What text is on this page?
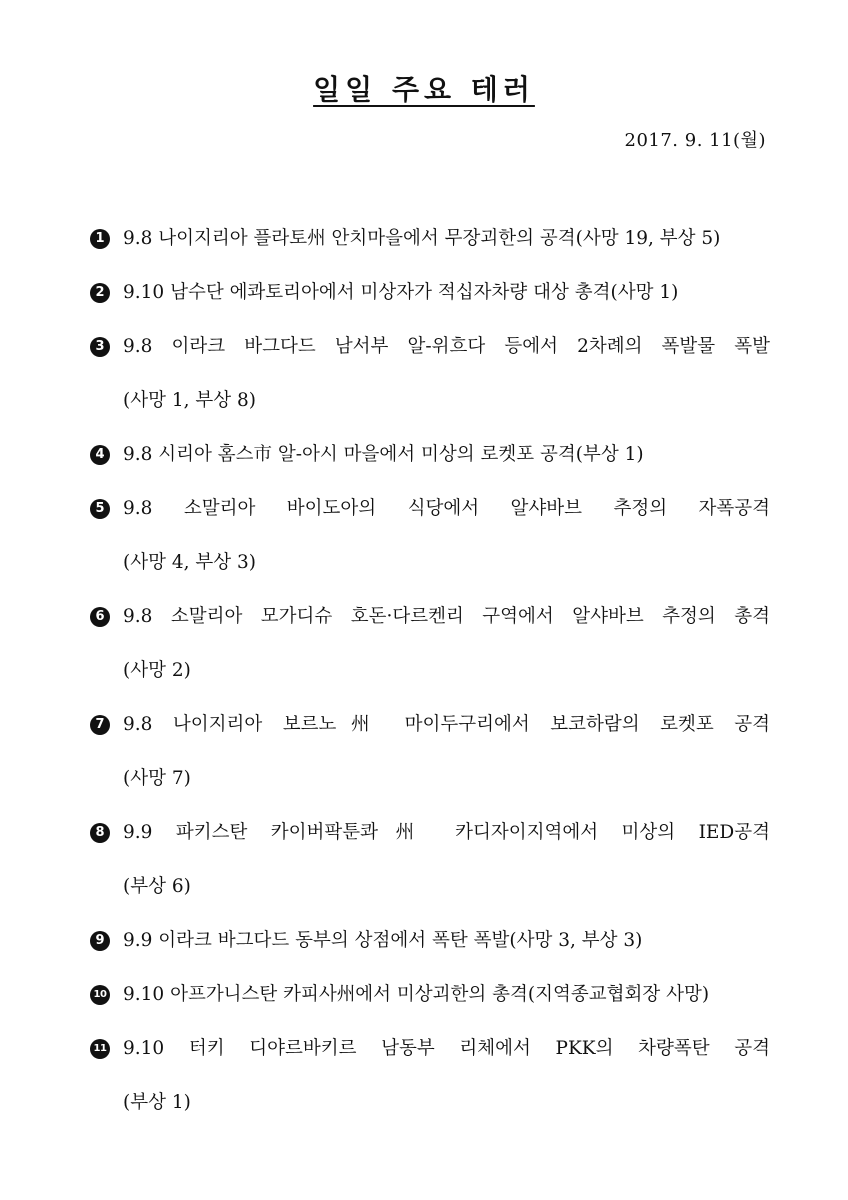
일일 주요 테러
2017. 9. 11(월)
1 9.8 나이지리아 플라토州 안치마을에서 무장괴한의 공격(사망 19, 부상 5)
2 9.10 남수단 에콰토리아에서 미상자가 적십자차량 대상 총격(사망 1)
3 9.8 이라크 바그다드 남서부 알-위흐다 등에서 2차례의 폭발물 폭발
(사망 1, 부상 8)
4 9.8 시리아 홈스市 알-아시 마을에서 미상의 로켓포 공격(부상 1)
5 9.8 소말리아 바이도아의 식당에서 알샤바브 추정의 자폭공격
(사망 4, 부상 3)
6 9.8 소말리아 모가디슈 호돈·다르켄리 구역에서 알샤바브 추정의 총격
(사망 2)
7 9.8 나이지리아 보르노州 마이두구리에서 보코하람의 로켓포 공격
(사망 7)
8 9.9 파키스탄 카이버팍툰콰州 카디자이지역에서 미상의 IED공격
(부상 6)
9 9.9 이라크 바그다드 동부의 상점에서 폭탄 폭발(사망 3, 부상 3)
10 9.10 아프가니스탄 카피사州에서 미상괴한의 총격(지역종교협회장 사망)
11 9.10 터키 디야르바키르 남동부 리체에서 PKK의 차량폭탄 공격
(부상 1)
